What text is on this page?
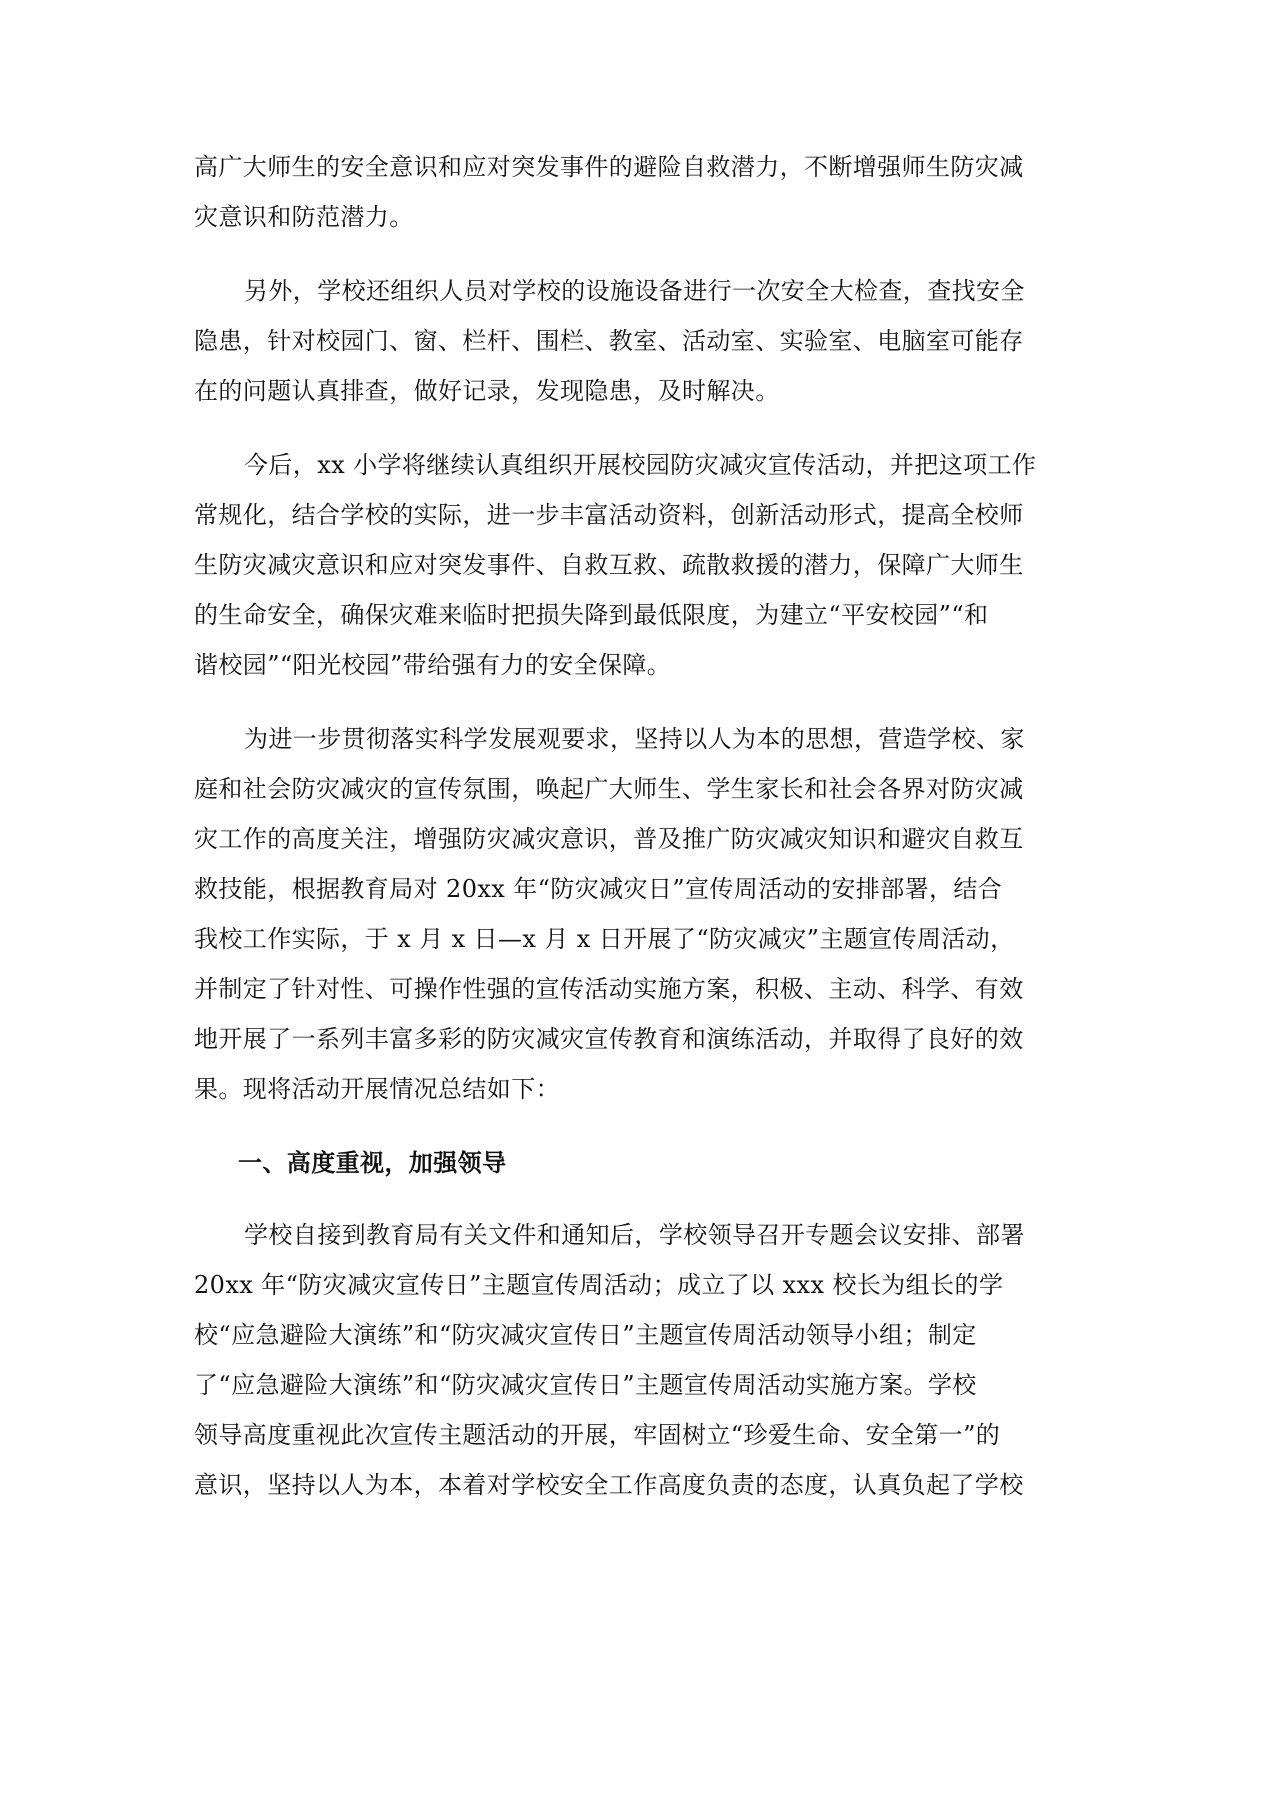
高广大师生的安全意识和应对突发事件的避险自救潜力，不断增强师生防灾减
灾意识和防范潜力。

另外，学校还组织人员对学校的设施设备进行一次安全大检查，查找安全
隐患，针对校园门、窗、栏杆、围栏、教室、活动室、实验室、电脑室可能存
在的问题认真排查，做好记录，发现隐患，及时解决。

今后，xx 小学将继续认真组织开展校园防灾减灾宣传活动，并把这项工作
常规化，结合学校的实际，进一步丰富活动资料，创新活动形式，提高全校师
生防灾减灾意识和应对突发事件、自救互救、疏散救援的潜力，保障广大师生
的生命安全，确保灾难来临时把损失降到最低限度，为建立“平安校园”“和
谐校园”“阳光校园”带给强有力的安全保障。

为进一步贯彻落实科学发展观要求，坚持以人为本的思想，营造学校、家
庭和社会防灾减灾的宣传氛围，唤起广大师生、学生家长和社会各界对防灾减
灾工作的高度关注，增强防灾减灾意识，普及推广防灾减灾知识和避灾自救互
救技能，根据教育局对 20xx 年“防灾减灾日”宣传周活动的安排部署，结合
我校工作实际，于 x 月 x 日—x 月 x 日开展了“防灾减灾”主题宣传周活动，
并制定了针对性、可操作性强的宣传活动实施方案，积极、主动、科学、有效
地开展了一系列丰富多彩的防灾减灾宣传教育和演练活动，并取得了良好的效
果。现将活动开展情况总结如下：

一、高度重视，加强领导

学校自接到教育局有关文件和通知后，学校领导召开专题会议安排、部署
20xx 年“防灾减灾宣传日”主题宣传周活动；成立了以 xxx 校长为组长的学
校“应急避险大演练”和“防灾减灾宣传日”主题宣传周活动领导小组；制定
了“应急避险大演练”和“防灾减灾宣传日”主题宣传周活动实施方案。学校
领导高度重视此次宣传主题活动的开展，牢固树立“珍爱生命、安全第一”的
意识，坚持以人为本，本着对学校安全工作高度负责的态度，认真负起了学校
